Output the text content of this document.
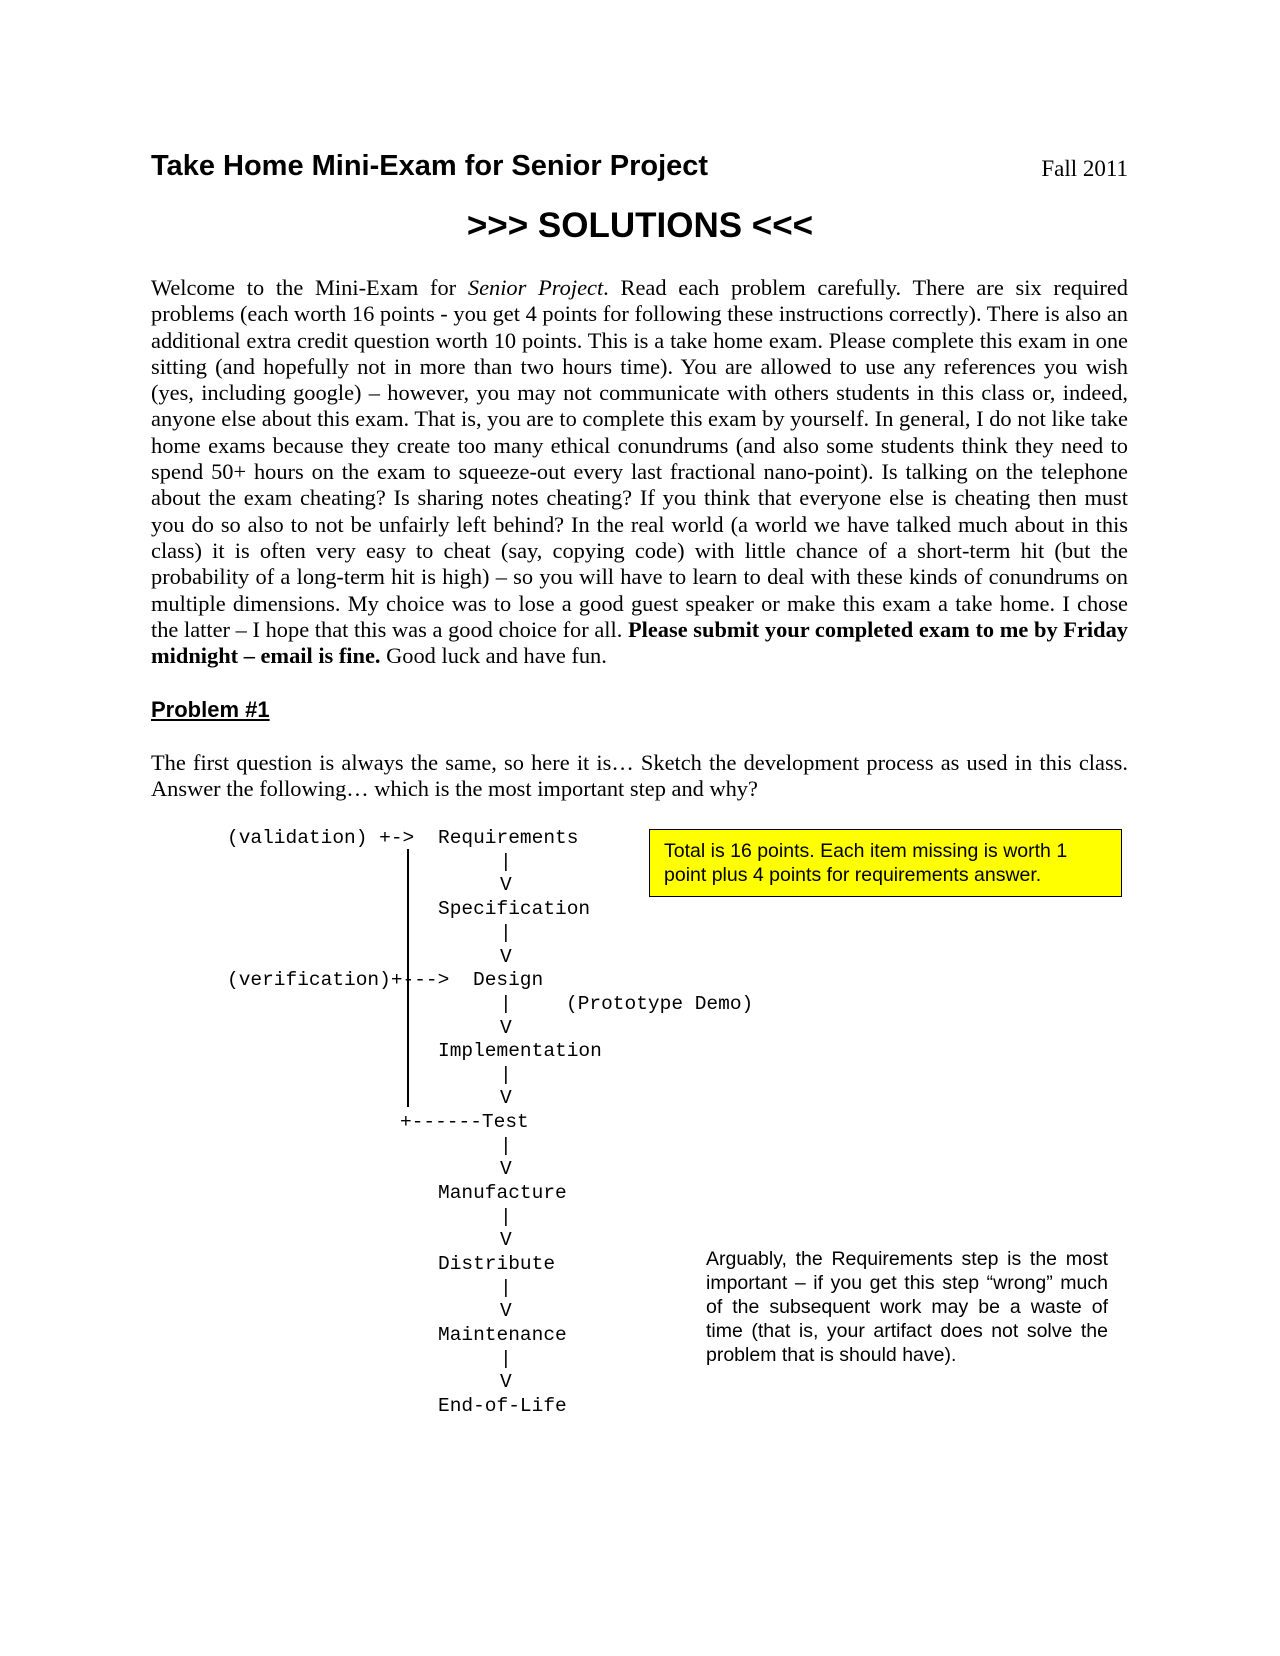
Take Home Mini-Exam for Senior Project	Fall 2011
>>> SOLUTIONS <<<

Welcome to the Mini-Exam for Senior Project. Read each problem carefully. There are six required problems (each worth 16 points - you get 4 points for following these instructions correctly). There is also an additional extra credit question worth 10 points. This is a take home exam. Please complete this exam in one sitting (and hopefully not in more than two hours time). You are allowed to use any references you wish (yes, including google) – however, you may not communicate with others students in this class or, indeed, anyone else about this exam. That is, you are to complete this exam by yourself. In general, I do not like take home exams because they create too many ethical conundrums (and also some students think they need to spend 50+ hours on the exam to squeeze-out every last fractional nano-point). Is talking on the telephone about the exam cheating? Is sharing notes cheating? If you think that everyone else is cheating then must you do so also to not be unfairly left behind? In the real world (a world we have talked much about in this class) it is often very easy to cheat (say, copying code) with little chance of a short-term hit (but the probability of a long-term hit is high) – so you will have to learn to deal with these kinds of conundrums on multiple dimensions. My choice was to lose a good guest speaker or make this exam a take home. I chose the latter – I hope that this was a good choice for all. Please submit your completed exam to me by Friday midnight – email is fine. Good luck and have fun.

Problem #1

The first question is always the same, so here it is… Sketch the development process as used in this class. Answer the following… which is the most important step and why?

(validation) +-> Requirements
|
V
Specification
|
V
(verification)+---> Design
|	(Prototype Demo)
V
Implementation
|
V
+------Test
|
V
Manufacture
|
V
Distribute
|
V
Maintenance
|
V
End-of-Life
Total is 16 points. Each item missing is worth 1 point plus 4 points for requirements answer.

Arguably, the Requirements step is the most important – if you get this step “wrong” much of the subsequent work may be a waste of time (that is, your artifact does not solve the problem that is should have).
